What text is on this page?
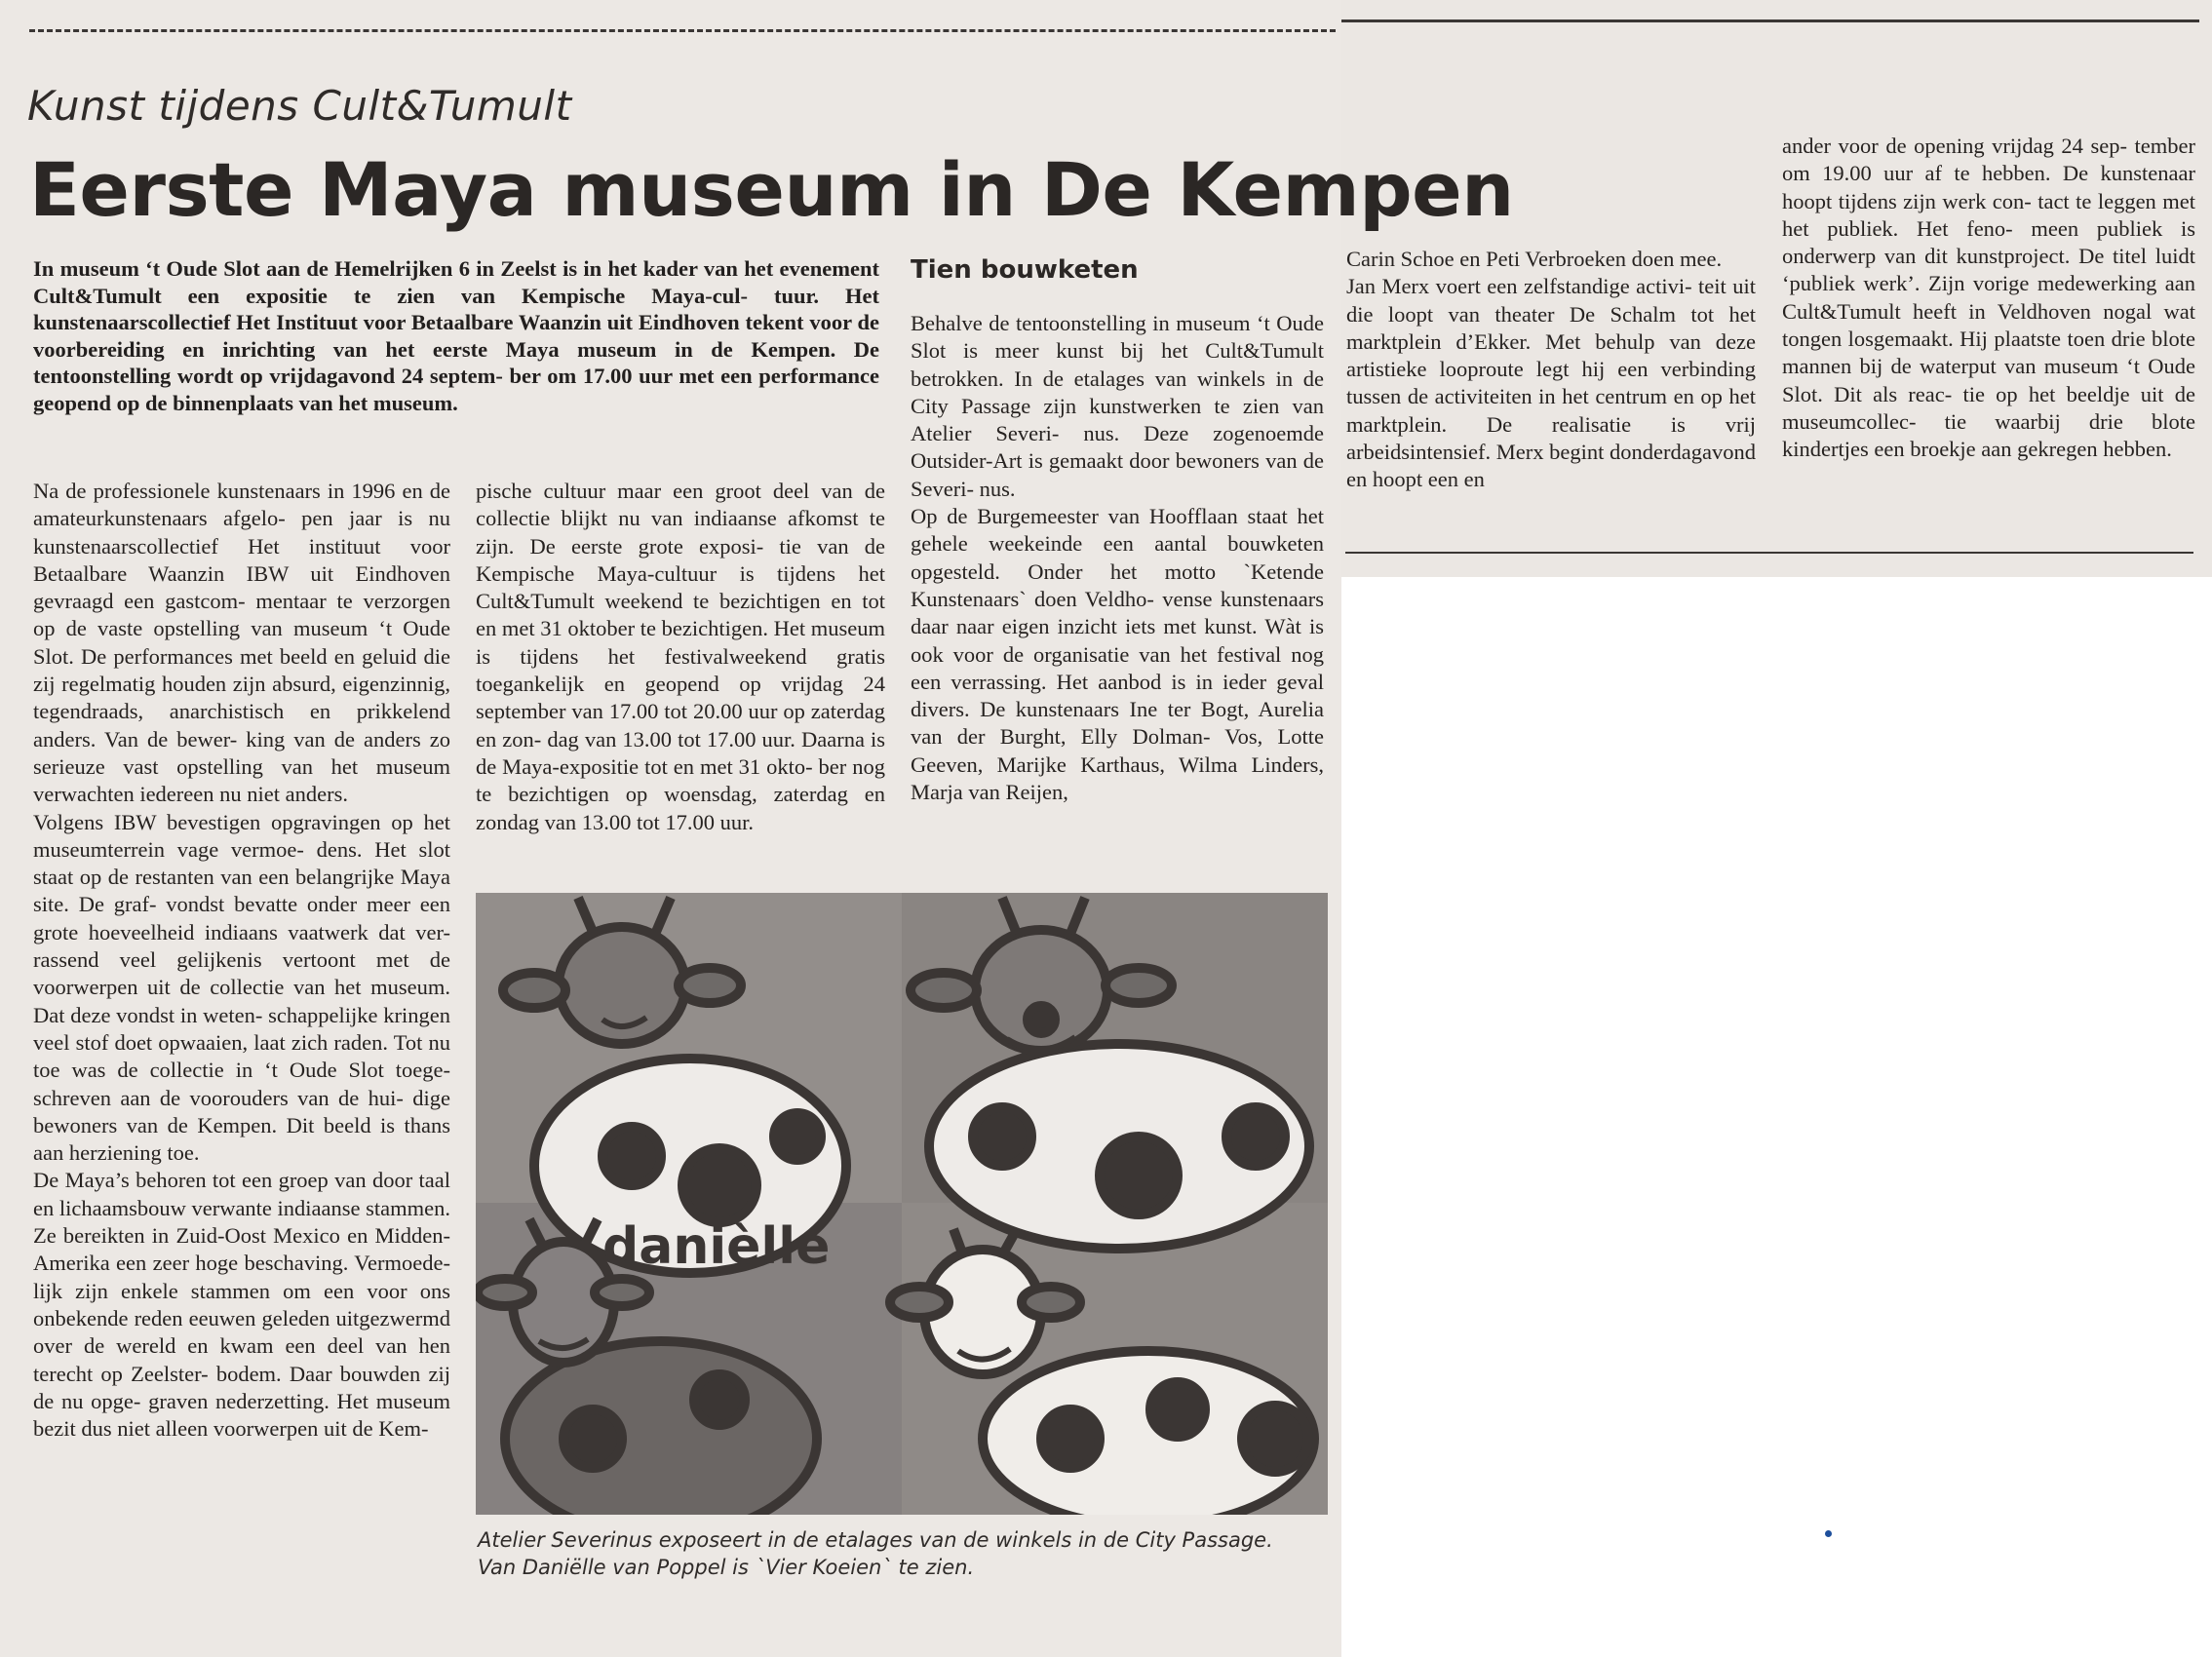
Kunst tijdens Cult&Tumult
Eerste Maya museum in De Kempen
In museum ‘t Oude Slot aan de Hemelrijken 6 in Zeelst is in het kader van het evenement Cult&Tumult een expositie te zien van Kempische Maya-cul- tuur. Het kunstenaarscollectief Het Instituut voor Betaalbare Waanzin uit Eindhoven tekent voor de voorbereiding en inrichting van het eerste Maya museum in de Kempen. De tentoonstelling wordt op vrijdagavond 24 septem- ber om 17.00 uur met een performance geopend op de binnenplaats van het museum.

Na de professionele kunstenaars in 1996 en de amateurkunstenaars afgelo- pen jaar is nu kunstenaarscollectief Het instituut voor Betaalbare Waanzin IBW uit Eindhoven gevraagd een gastcom- mentaar te verzorgen op de vaste opstelling van museum ‘t Oude Slot. De performances met beeld en geluid die zij regelmatig houden zijn absurd, eigenzinnig, tegendraads, anarchistisch en prikkelend anders. Van de bewer- king van de anders zo serieuze vast opstelling van het museum verwachten iedereen nu niet anders.

Volgens IBW bevestigen opgravingen op het museumterrein vage vermoe- dens. Het slot staat op de restanten van een belangrijke Maya site. De graf- vondst bevatte onder meer een grote hoeveelheid indiaans vaatwerk dat ver- rassend veel gelijkenis vertoont met de voorwerpen uit de collectie van het museum. Dat deze vondst in weten- schappelijke kringen veel stof doet opwaaien, laat zich raden. Tot nu toe was de collectie in ‘t Oude Slot toege- schreven aan de voorouders van de hui- dige bewoners van de Kempen. Dit beeld is thans aan herziening toe.

De Maya’s behoren tot een groep van door taal en lichaamsbouw verwante indiaanse stammen. Ze bereikten in Zuid-Oost Mexico en Midden-Amerika een zeer hoge beschaving. Vermoede- lijk zijn enkele stammen om een voor ons onbekende reden eeuwen geleden uitgezwermd over de wereld en kwam een deel van hen terecht op Zeelster- bodem. Daar bouwden zij de nu opge- graven nederzetting. Het museum bezit dus niet alleen voorwerpen uit de Kem-

pische cultuur maar een groot deel van de collectie blijkt nu van indiaanse afkomst te zijn. De eerste grote exposi- tie van de Kempische Maya-cultuur is tijdens het Cult&Tumult weekend te bezichtigen en tot en met 31 oktober te bezichtigen. Het museum is tijdens het festivalweekend gratis toegankelijk en geopend op vrijdag 24 september van 17.00 tot 20.00 uur op zaterdag en zon- dag van 13.00 tot 17.00 uur. Daarna is de Maya-expositie tot en met 31 okto- ber nog te bezichtigen op woensdag, zaterdag en zondag van 13.00 tot 17.00 uur.

Tien bouwketen

Behalve de tentoonstelling in museum ‘t Oude Slot is meer kunst bij het Cult&Tumult betrokken. In de etalages van winkels in de City Passage zijn kunstwerken te zien van Atelier Severi- nus. Deze zogenoemde Outsider-Art is gemaakt door bewoners van de Severi- nus.

Op de Burgemeester van Hoofflaan staat het gehele weekeinde een aantal bouwketen opgesteld. Onder het motto `Ketende Kunstenaars` doen Veldho- vense kunstenaars daar naar eigen inzicht iets met kunst. Wàt is ook voor de organisatie van het festival nog een verrassing. Het aanbod is in ieder geval divers. De kunstenaars Ine ter Bogt, Aurelia van der Burght, Elly Dolman- Vos, Lotte Geeven, Marijke Karthaus, Wilma Linders, Marja van Reijen,

Carin Schoe en Peti Verbroeken doen mee.

Jan Merx voert een zelfstandige activi- teit uit die loopt van theater De Schalm tot het marktplein d’Ekker. Met behulp van deze artistieke looproute legt hij een verbinding tussen de activiteiten in het centrum en op het marktplein. De realisatie is vrij arbeidsintensief. Merx begint donderdagavond en hoopt een en

ander voor de opening vrijdag 24 sep- tember om 19.00 uur af te hebben. De kunstenaar hoopt tijdens zijn werk con- tact te leggen met het publiek. Het feno- meen publiek is onderwerp van dit kunstproject. De titel luidt ‘publiek werk’. Zijn vorige medewerking aan Cult&Tumult heeft in Veldhoven nogal wat tongen losgemaakt. Hij plaatste toen drie blote mannen bij de waterput van museum ‘t Oude Slot. Dit als reac- tie op het beeldje uit de museumcollec- tie waarbij drie blote kindertjes een broekje aan gekregen hebben.

danièlle
Atelier Severinus exposeert in de etalages van de winkels in de City Passage.
Van Daniëlle van Poppel is `Vier Koeien` te zien.
